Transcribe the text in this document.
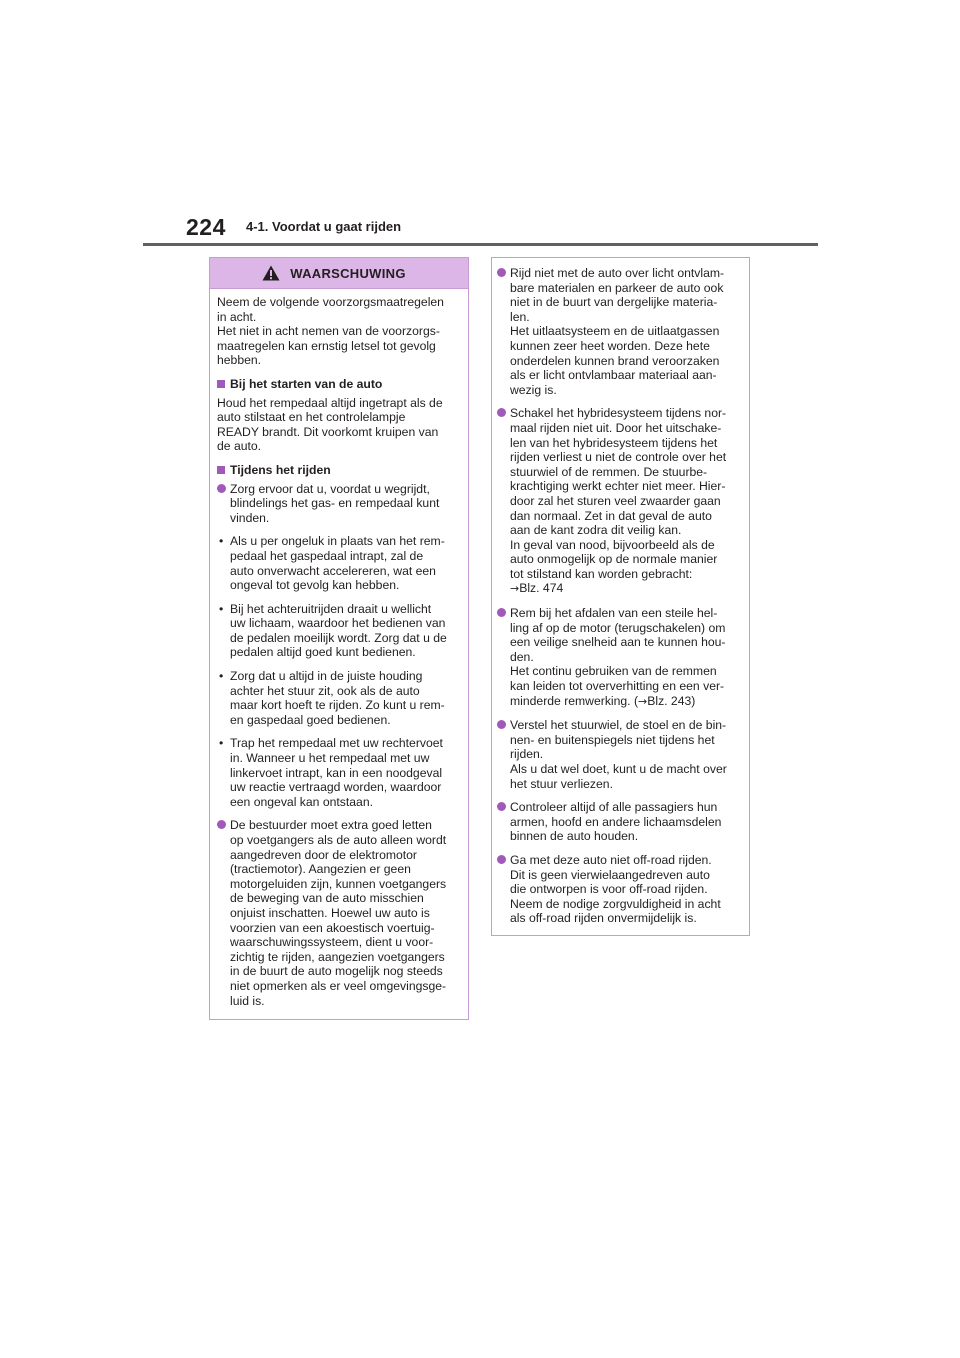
224 4-1. Voordat u gaat rijden
WAARSCHUWING
Neem de volgende voorzorgsmaatregelen
in acht.
Het niet in acht nemen van de voorzorgs-
maatregelen kan ernstig letsel tot gevolg
hebben.
Bij het starten van de auto
Houd het rempedaal altijd ingetrapt als de
auto stilstaat en het controlelampje
READY brandt. Dit voorkomt kruipen van
de auto.
Tijdens het rijden
Zorg ervoor dat u, voordat u wegrijdt,
blindelings het gas- en rempedaal kunt
vinden.
• Als u per ongeluk in plaats van het rem-
pedaal het gaspedaal intrapt, zal de
auto onverwacht accelereren, wat een
ongeval tot gevolg kan hebben.
• Bij het achteruitrijden draait u wellicht
uw lichaam, waardoor het bedienen van
de pedalen moeilijk wordt. Zorg dat u de
pedalen altijd goed kunt bedienen.
• Zorg dat u altijd in de juiste houding
achter het stuur zit, ook als de auto
maar kort hoeft te rijden. Zo kunt u rem-
en gaspedaal goed bedienen.
• Trap het rempedaal met uw rechtervoet
in. Wanneer u het rempedaal met uw
linkervoet intrapt, kan in een noodgeval
uw reactie vertraagd worden, waardoor
een ongeval kan ontstaan.
De bestuurder moet extra goed letten
op voetgangers als de auto alleen wordt
aangedreven door de elektromotor
(tractiemotor). Aangezien er geen
motorgeluiden zijn, kunnen voetgangers
de beweging van de auto misschien
onjuist inschatten. Hoewel uw auto is
voorzien van een akoestisch voertuig-
waarschuwingssysteem, dient u voor-
zichtig te rijden, aangezien voetgangers
in de buurt de auto mogelijk nog steeds
niet opmerken als er veel omgevingsge-
luid is.
Rijd niet met de auto over licht ontvlam-
bare materialen en parkeer de auto ook
niet in de buurt van dergelijke materia-
len.
Het uitlaatsysteem en de uitlaatgassen
kunnen zeer heet worden. Deze hete
onderdelen kunnen brand veroorzaken
als er licht ontvlambaar materiaal aan-
wezig is.
Schakel het hybridesysteem tijdens nor-
maal rijden niet uit. Door het uitschake-
len van het hybridesysteem tijdens het
rijden verliest u niet de controle over het
stuurwiel of de remmen. De stuurbe-
krachtiging werkt echter niet meer. Hier-
door zal het sturen veel zwaarder gaan
dan normaal. Zet in dat geval de auto
aan de kant zodra dit veilig kan.
In geval van nood, bijvoorbeeld als de
auto onmogelijk op de normale manier
tot stilstand kan worden gebracht:
→Blz. 474
Rem bij het afdalen van een steile hel-
ling af op de motor (terugschakelen) om
een veilige snelheid aan te kunnen hou-
den.
Het continu gebruiken van de remmen
kan leiden tot oververhitting en een ver-
minderde remwerking. (→Blz. 243)
Verstel het stuurwiel, de stoel en de bin-
nen- en buitenspiegels niet tijdens het
rijden.
Als u dat wel doet, kunt u de macht over
het stuur verliezen.
Controleer altijd of alle passagiers hun
armen, hoofd en andere lichaamsdelen
binnen de auto houden.
Ga met deze auto niet off-road rijden.
Dit is geen vierwielaangedreven auto
die ontworpen is voor off-road rijden.
Neem de nodige zorgvuldigheid in acht
als off-road rijden onvermijdelijk is.
